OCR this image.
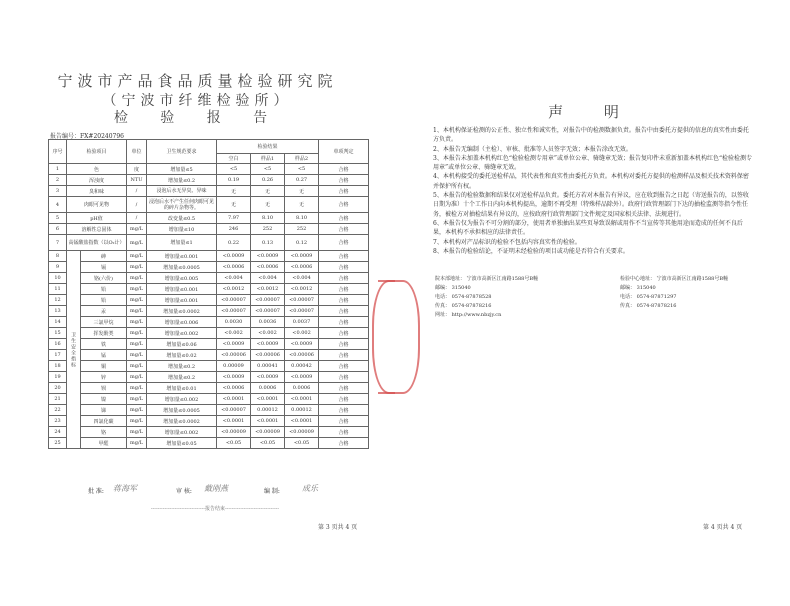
宁波市产品食品质量检验研究院
（宁波市纤维检验所）
检 验 报 告
报告编号：FX#20240796
序号	检验项目		单位	卫生规范要求	检验结果			单项判定
					空白	样品1	样品2	
1	色		度	增加量≤5	<5	<5	<5	合格
2	浑浊度		NTU	增加量≤0.2	0.19	0.26	0.27	合格
3	臭和味		/	浸泡后水无异臭、异味	无	无	无	合格
4	肉眼可见物		/	浸泡后水不产生任何肉眼可见的碎片杂物等。	无	无	无	合格
5	pH值		/	改变量≤0.5	7.97	8.10	8.10	合格
6	溶解性总固体		mg/L	增加量≤10	246	252	252	合格
7	高锰酸盐指数（以O₂计）		mg/L	增加量≤1	0.22	0.13	0.12	合格
8	卫生安全指标	砷	mg/L	增加量≤0.001	<0.0009	<0.0009	<0.0009	合格
9		镉	mg/L	增加量≤0.0005	<0.0006	<0.0006	<0.0006	合格
10		铬(六价)	mg/L	增加量≤0.005	<0.004	<0.004	<0.004	合格
11		铅	mg/L	增加量≤0.001	<0.0012	<0.0012	<0.0012	合格
12		铅	mg/L	增加量≤0.001	<0.00007	<0.00007	<0.00007	合格
13		汞	mg/L	增加量≤0.0002	<0.00007	<0.00007	<0.00007	合格
14		三氯甲烷	mg/L	增加量≤0.006	0.0030	0.0036	0.0037	合格
15		挥发酚类	mg/L	增加量≤0.002	<0.002	<0.002	<0.002	合格
16		铁	mg/L	增加量≤0.06	<0.0009	<0.0009	<0.0009	合格
17		锰	mg/L	增加量≤0.02	<0.00006	<0.00006	<0.00006	合格
18		铜	mg/L	增加量≤0.2	0.00009	0.00041	0.00042	合格
19		锌	mg/L	增加量≤0.2	<0.0009	<0.0009	<0.0009	合格
20		钡	mg/L	增加量≤0.01	<0.0006	0.0006	0.0006	合格
21		镍	mg/L	增加量≤0.002	<0.0001	<0.0001	<0.0001	合格
22		锑	mg/L	增加量≤0.0005	<0.00007	0.00012	0.00012	合格
23		四氯化碳	mg/L	增加量≤0.0002	<0.0001	<0.0001	<0.0001	合格
24		铬	mg/L	增加量≤0.002	<0.00009	<0.00009	<0.00009	合格
25		甲醛	mg/L	增加量≤0.05	<0.05	<0.05	<0.05	合格
批 准: 蒋海军	审 核: 戴刚燕	编 制:	成乐
--------------------------------报告结束--------------------------------
第 3 页共 4 页
声 明

1、本机构保证检测的公正性、独立性和诚实性，对报告中的检测数据负责。报告中由委托方提供的信息的真实性由委托方负责。

2、本报告无编制（主检）、审核、批准等人员签字无效；本报告涂改无效。

3、本报告未加盖本机构红色“检验检测专用章”或单位公章、骑缝章无效；报告复印件未重新加盖本机构红色“检验检测专用章”或单位公章、骑缝章无效。

4、本机构接受的委托送检样品，其代表性和真实性由委托方负责。本机构对委托方提供的检测样品及相关技术资料保密并保护所有权。

5、本报告的检验数据和结果仅对送检样品负责。委托方若对本报告有异议，应在收到报告之日起（寄送报告的，以签收日期为准）十个工作日内向本机构提出，逾期不再受理（特殊样品除外）。政府行政管理部门下达的抽检监测等指令性任务，被检方对抽检结果有异议的，应按政府行政管理部门文件规定及国家相关法律、法规进行。

6、本报告仅为报告不可分割的部分，使用者单独抽出某些页导致误解或用作不当宣传等其他用途而造成的任何不良后果，本机构不承担相应的法律责任。

7、本机构对产品标识的检验不包括内容真实性的检验。

8、本报告的检验结论，不证明未经检验的项目或功能是否符合有关要求。

院本部地址： 宁波市高新区江南路1588号B幢
邮编： 315040
电话： 0574-87878528
传真： 0574-87878216
网址： http://www.nbzjy.cn
检验中心地址： 宁波市高新区江南路1588号B幢
邮编： 315040
电话： 0574-87871297
传真： 0574-87878216
第 4 页共 4 页
